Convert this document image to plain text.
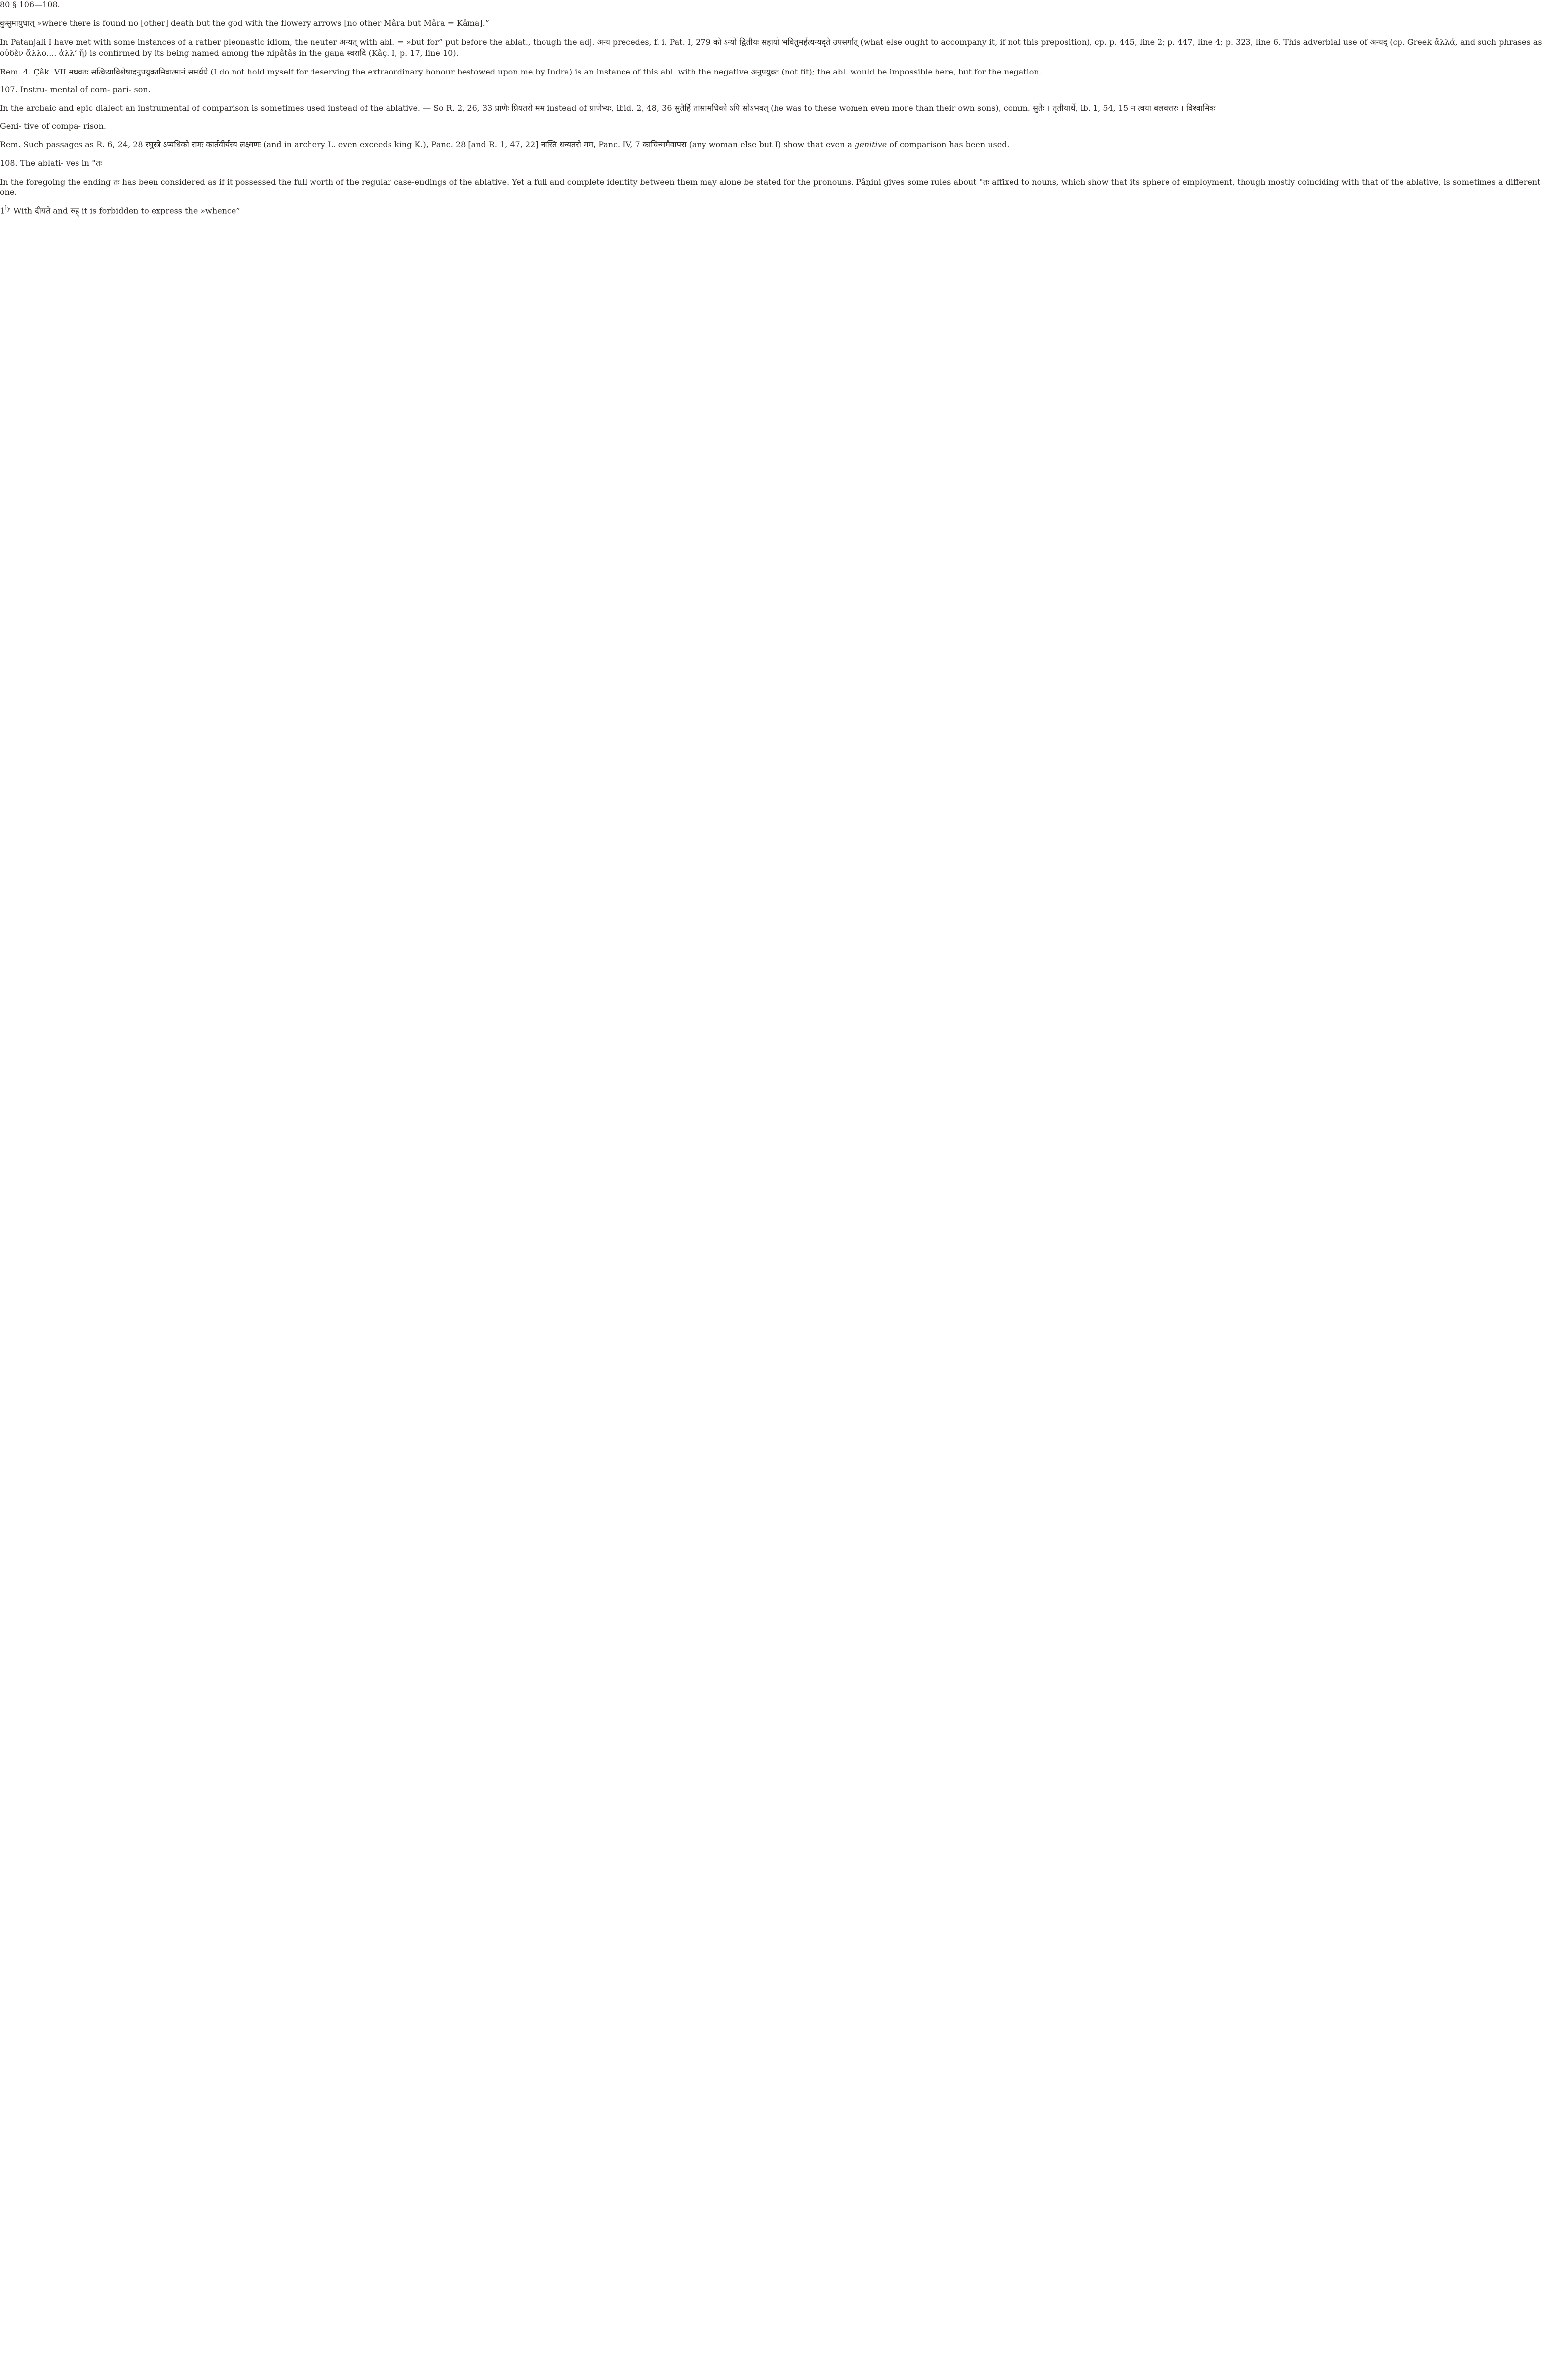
80 § 106—108.

कुसुमायुधात् »where there is found no [other] death but the god with the flowery arrows [no other Mâra but Mâra = Kâma].”

In Patanjali I have met with some instances of a rather pleonastic idiom, the neuter अन्यत् with abl. = »but for” put before the ablat., though the adj. अन्य precedes, f. i. Pat. I, 279 को ऽन्यो द्वितीयः सहायो भवितुमर्हत्यन्यदृते उपसर्गात् (what else ought to accompany it, if not this preposition), cp. p. 445, line 2; p. 447, line 4; p. 323, line 6. This adverbial use of अन्यद् (cp. Greek ἄλλά, and such phrases as οὐδὲν ἄλλο.... ἀλλ’ ἤ) is confirmed by its being named among the nipâtâs in the gaṇa स्वरादि (Kâç. I, p. 17, line 10).

Rem. 4. Çâk. VII मघवतः सत्क्रियाविशेषादनुपयुक्तमिवात्मानं समर्थये (I do not hold myself for deserving the extraordinary honour bestowed upon me by Indra) is an instance of this abl. with the negative अनुपयुक्त (not fit); the abl. would be impossible here, but for the negation.

107. Instru- mental of com- pari- son.

In the archaic and epic dialect an instrumental of comparison is sometimes used instead of the ablative. — So R. 2, 26, 33 प्राणैः प्रियतरो मम instead of प्राणेभ्यः, ibid. 2, 48, 36 सुतैर्हि तासामधिको ऽपि सोऽभवत् (he was to these women even more than their own sons), comm. सुतैः । तृतीयार्थे, ib. 1, 54, 15 न त्वया बलवत्तरः । विश्वामित्रः

Geni- tive of compa- rison.

Rem. Such passages as R. 6, 24, 28 रघुस्त्रे ऽप्यधिको रामः कार्तवीर्यस्य लक्ष्मणः (and in archery L. even exceeds king K.), Panc. 28 [and R. 1, 47, 22] नास्ति धन्यतरो मम, Panc. IV, 7 काचिन्ममैवापरा (any woman else but I) show that even a genitive of comparison has been used.

108. The ablati- ves in °तः

In the foregoing the ending तः has been considered as if it possessed the full worth of the regular case-endings of the ablative. Yet a full and complete identity between them may alone be stated for the pronouns. Pâṇini gives some rules about °तः affixed to nouns, which show that its sphere of employment, though mostly coinciding with that of the ablative, is sometimes a different one.

$1^{ly}$ With दीयते and रुह् it is forbidden to express the »whence”
